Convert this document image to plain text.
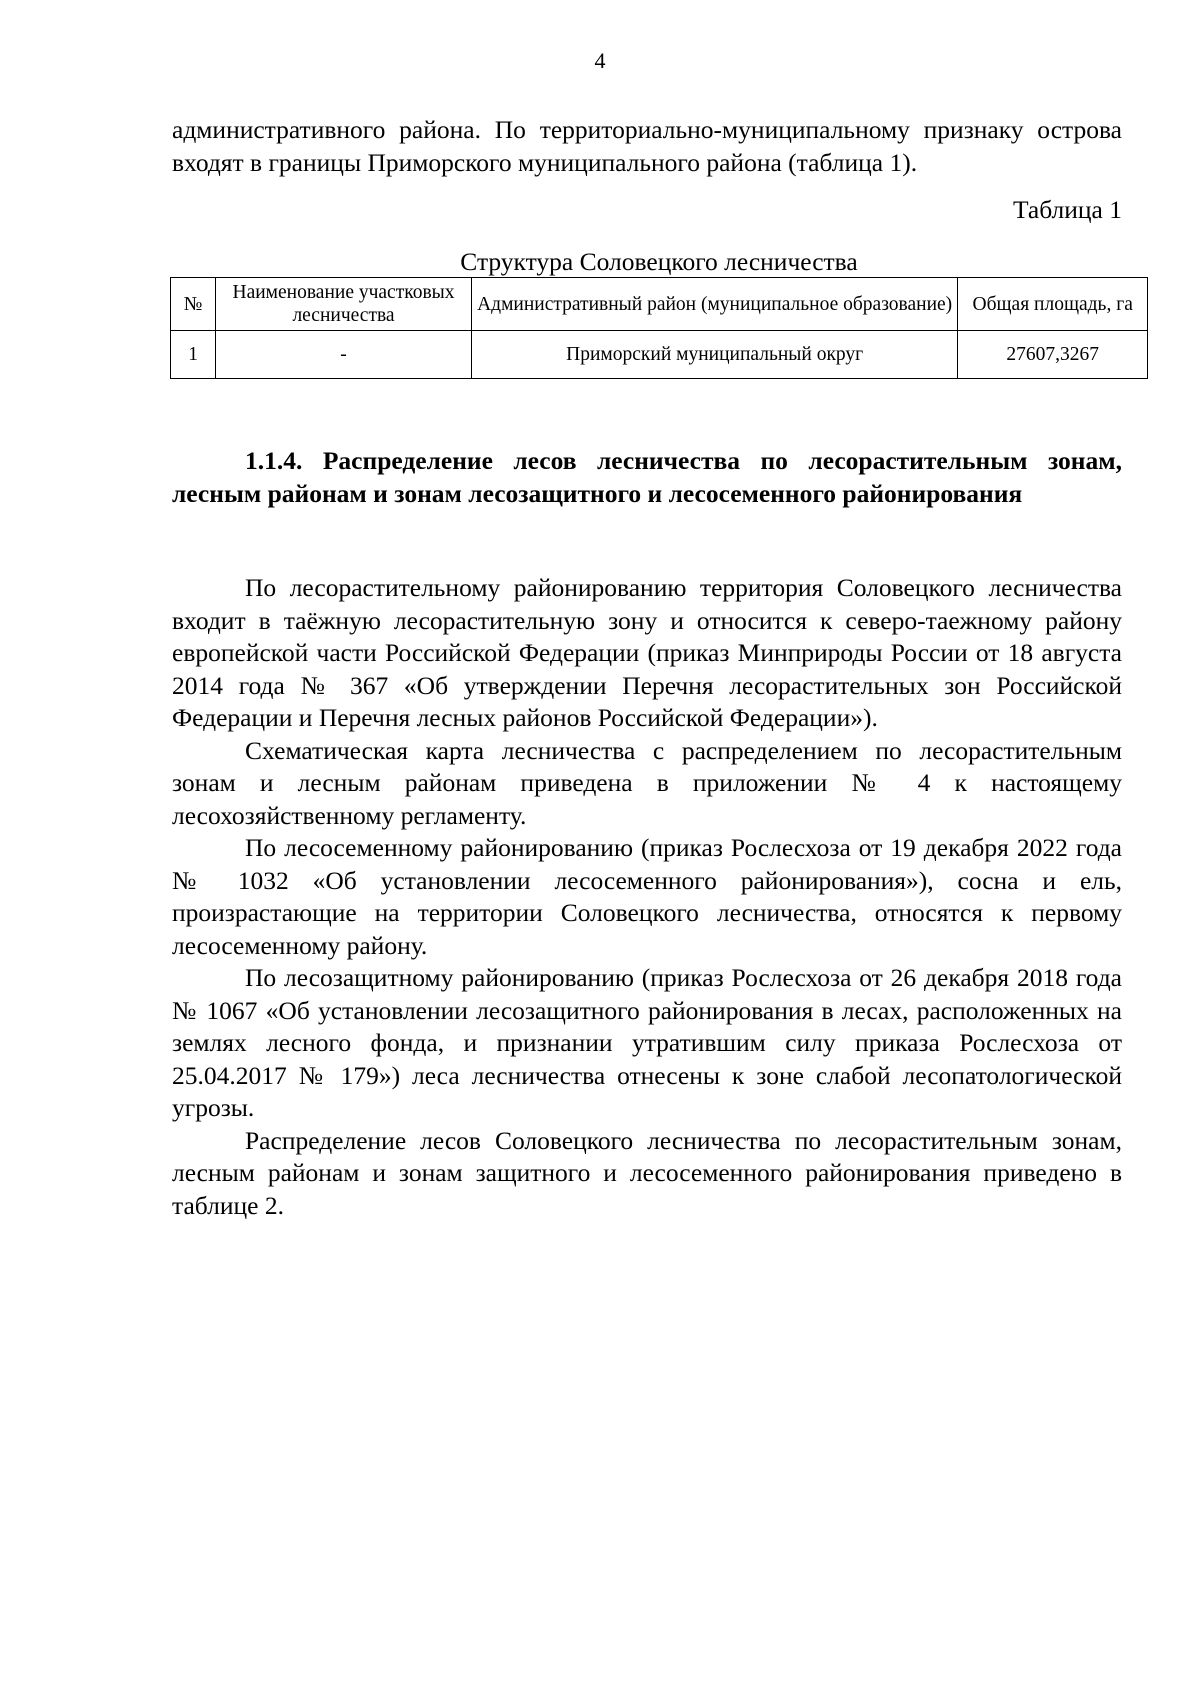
4

административного района. По территориально-муниципальному признаку острова входят в границы Приморского муниципального района (таблица 1).

Таблица 1

Структура Соловецкого лесничества
№	Наименование участковых лесничества	Административный район (муниципальное образование)	Общая площадь, га
1	-	Приморский муниципальный округ	27607,3267

1.1.4. Распределение лесов лесничества по лесорастительным зонам, лесным районам и зонам лесозащитного и лесосеменного районирования

По лесорастительному районированию территория Соловецкого лесничества входит в таёжную лесорастительную зону и относится к северо-таежному району европейской части Российской Федерации (приказ Минприроды России от 18 августа 2014 года № 367 «Об утверждении Перечня лесорастительных зон Российской Федерации и Перечня лесных районов Российской Федерации»).

Схематическая карта лесничества с распределением по лесорастительным зонам и лесным районам приведена в приложении № 4 к настоящему лесохозяйственному регламенту.

По лесосеменному районированию (приказ Рослесхоза от 19 декабря 2022 года № 1032 «Об установлении лесосеменного районирования»), сосна и ель, произрастающие на территории Соловецкого лесничества, относятся к первому лесосеменному району.

По лесозащитному районированию (приказ Рослесхоза от 26 декабря 2018 года № 1067 «Об установлении лесозащитного районирования в лесах, расположенных на землях лесного фонда, и признании утратившим силу приказа Рослесхоза от 25.04.2017 № 179») леса лесничества отнесены к зоне слабой лесопатологической угрозы.

Распределение лесов Соловецкого лесничества по лесорастительным зонам, лесным районам и зонам защитного и лесосеменного районирования приведено в таблице 2.
